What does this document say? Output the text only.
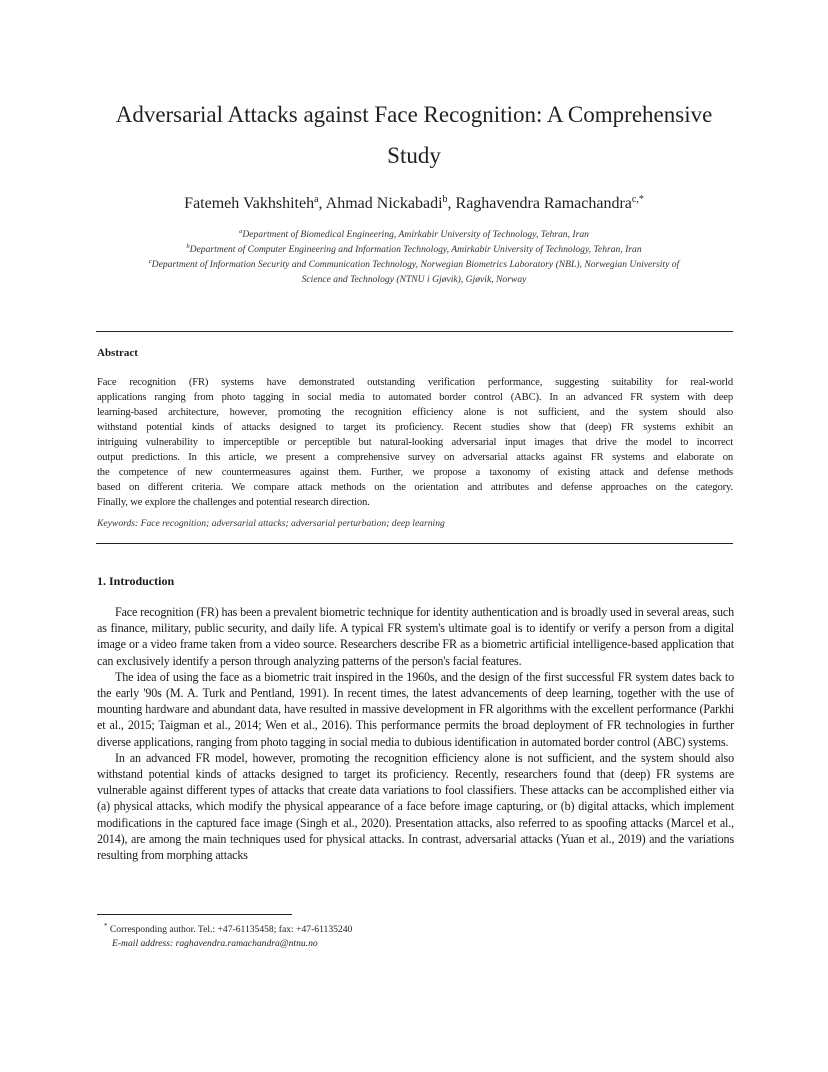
Adversarial Attacks against Face Recognition: A Comprehensive
Study
Fatemeh Vakhshiteh$^a$, Ahmad Nickabadi$^b$, Raghavendra Ramachandra$^{c,*}$
$^a$Department of Biomedical Engineering, Amirkabir University of Technology, Tehran, Iran
$^b$Department of Computer Engineering and Information Technology, Amirkabir University of Technology, Tehran, Iran
$^c$Department of Information Security and Communication Technology, Norwegian Biometrics Laboratory (NBL), Norwegian University of
Science and Technology (NTNU i Gjøvik), Gjøvik, Norway
Abstract
Face recognition (FR) systems have demonstrated outstanding verification performance, suggesting suitability for real-world
applications ranging from photo tagging in social media to automated border control (ABC). In an advanced FR system with deep
learning-based architecture, however, promoting the recognition efficiency alone is not sufficient, and the system should also
withstand potential kinds of attacks designed to target its proficiency. Recent studies show that (deep) FR systems exhibit an
intriguing vulnerability to imperceptible or perceptible but natural-looking adversarial input images that drive the model to incorrect
output predictions. In this article, we present a comprehensive survey on adversarial attacks against FR systems and elaborate on
the competence of new countermeasures against them. Further, we propose a taxonomy of existing attack and defense methods
based on different criteria. We compare attack methods on the orientation and attributes and defense approaches on the category.
Finally, we explore the challenges and potential research direction.
Keywords: Face recognition; adversarial attacks; adversarial perturbation; deep learning
1. Introduction

Face recognition (FR) has been a prevalent biometric technique for identity authentication and is broadly used in several areas, such as finance, military, public security, and daily life. A typical FR system's ultimate goal is to identify or verify a person from a digital image or a video frame taken from a video source. Researchers describe FR as a biometric artificial intelligence-based application that can exclusively identify a person through analyzing patterns of the person's facial features.

The idea of using the face as a biometric trait inspired in the 1960s, and the design of the first successful FR system dates back to the early '90s (M. A. Turk and Pentland, 1991). In recent times, the latest advancements of deep learning, together with the use of mounting hardware and abundant data, have resulted in massive development in FR algorithms with the excellent performance (Parkhi et al., 2015; Taigman et al., 2014; Wen et al., 2016). This performance permits the broad deployment of FR technologies in further diverse applications, ranging from photo tagging in social media to dubious identification in automated border control (ABC) systems.

In an advanced FR model, however, promoting the recognition efficiency alone is not sufficient, and the system should also withstand potential kinds of attacks designed to target its proficiency. Recently, researchers found that (deep) FR systems are vulnerable against different types of attacks that create data variations to fool classifiers. These attacks can be accomplished either via (a) physical attacks, which modify the physical appearance of a face before image capturing, or (b) digital attacks, which implement modifications in the captured face image (Singh et al., 2020). Presentation attacks, also referred to as spoofing attacks (Marcel et al., 2014), are among the main techniques used for physical attacks. In contrast, adversarial attacks (Yuan et al., 2019) and the variations resulting from morphing attacks

* Corresponding author. Tel.: +47-61135458; fax: +47-61135240
E-mail address: raghavendra.ramachandra@ntnu.no
